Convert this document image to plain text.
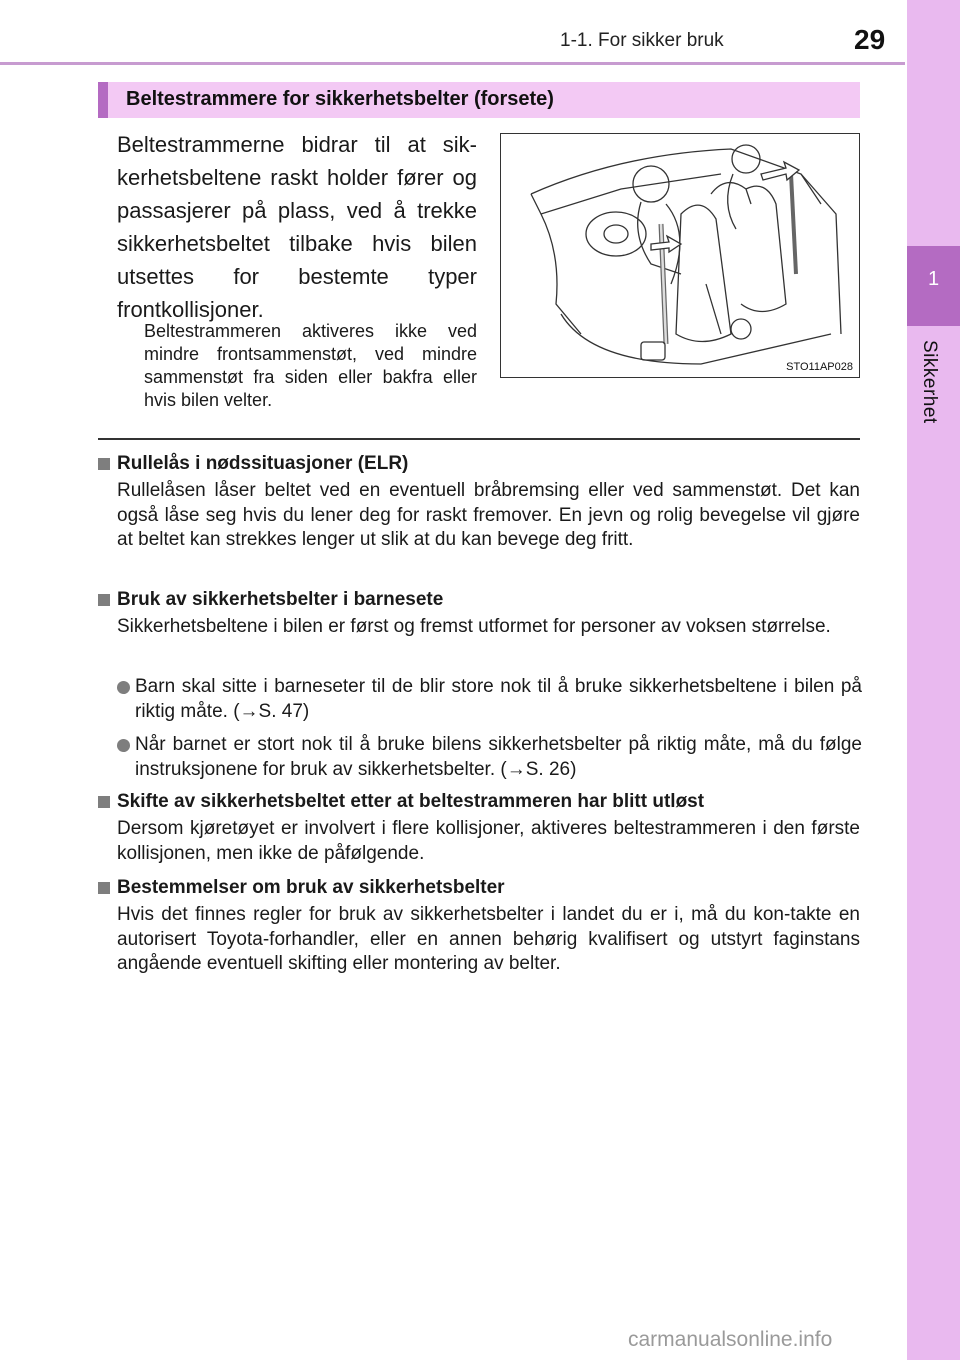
1-1. For sikker bruk	29
1
Sikkerhet
Beltestrammere for sikkerhetsbelter (forsete)
Beltestrammerne bidrar til at sik-kerhetsbeltene raskt holder fører og passasjerer på plass, ved å trekke sikkerhetsbeltet tilbake hvis bilen utsettes for bestemte typer frontkollisjoner.
Beltestrammeren aktiveres ikke ved mindre frontsammenstøt, ved mindre sammenstøt fra siden eller bakfra eller hvis bilen velter.
STO11AP028
Rullelås i nødssituasjoner (ELR)
Rullelåsen låser beltet ved en eventuell bråbremsing eller ved sammenstøt. Det kan også låse seg hvis du lener deg for raskt fremover. En jevn og rolig bevegelse vil gjøre at beltet kan strekkes lenger ut slik at du kan bevege deg fritt.
Bruk av sikkerhetsbelter i barnesete
Sikkerhetsbeltene i bilen er først og fremst utformet for personer av voksen størrelse.
Barn skal sitte i barneseter til de blir store nok til å bruke sikkerhetsbeltene i bilen på riktig måte. (→S. 47)
Når barnet er stort nok til å bruke bilens sikkerhetsbelter på riktig måte, må du følge instruksjonene for bruk av sikkerhetsbelter. (→S. 26)
Skifte av sikkerhetsbeltet etter at beltestrammeren har blitt utløst
Dersom kjøretøyet er involvert i flere kollisjoner, aktiveres beltestrammeren i den første kollisjonen, men ikke de påfølgende.
Bestemmelser om bruk av sikkerhetsbelter
Hvis det finnes regler for bruk av sikkerhetsbelter i landet du er i, må du kon-takte en autorisert Toyota-forhandler, eller en annen behørig kvalifisert og utstyrt faginstans angående eventuell skifting eller montering av belter.
carmanualsonline.info
